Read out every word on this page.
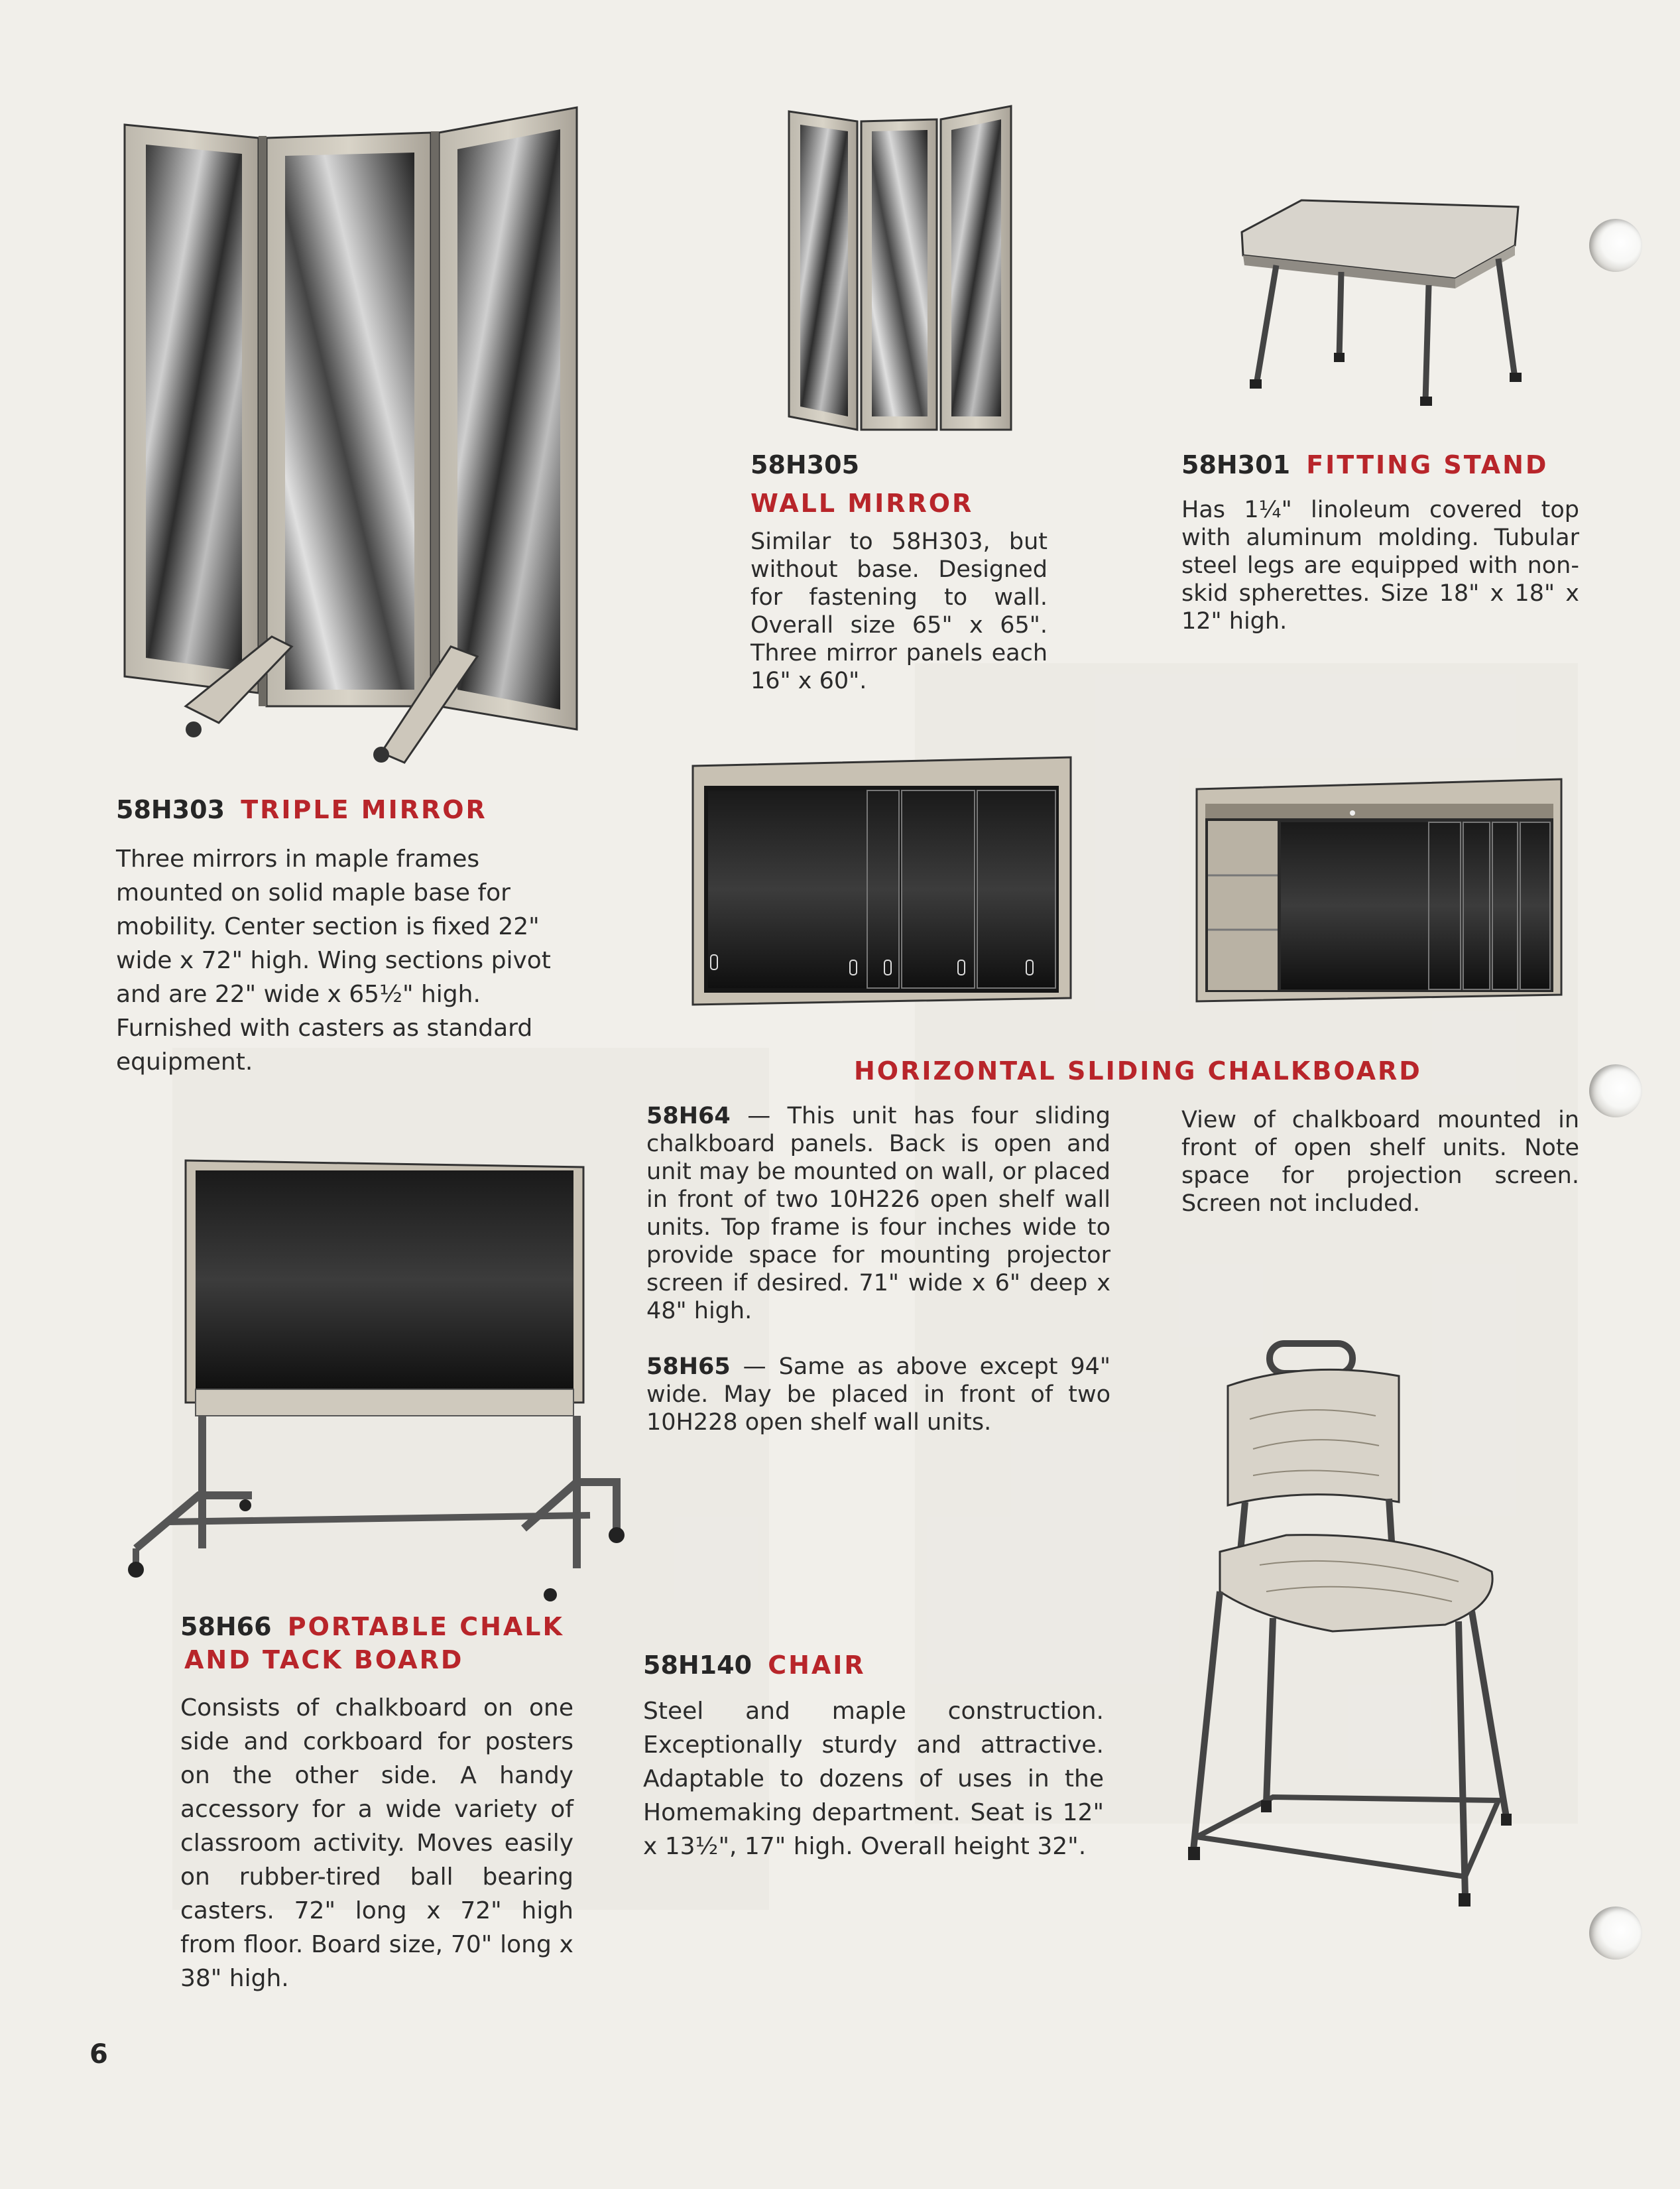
58H305
WALL MIRROR

Similar to 58H303, but without base. Designed for fastening to wall. Overall size 65" x 65". Three mirror panels each 16" x 60".

58H301 FITTING STAND

Has 1¼" linoleum covered top with aluminum molding. Tubular steel legs are equipped with non-skid spherettes. Size 18" x 18" x 12" high.

58H303 TRIPLE MIRROR

Three mirrors in maple frames mounted on solid maple base for mobility. Center section is fixed 22" wide x 72" high. Wing sections pivot and are 22" wide x 65½" high. Furnished with casters as standard equipment.	HORIZONTAL SLIDING CHALKBOARD

58H64 — This unit has four sliding chalkboard panels. Back is open and unit may be mounted on wall, or placed in front of two 10H226 open shelf wall units. Top frame is four inches wide to provide space for mounting projector screen if desired. 71" wide x 6" deep x 48" high.

58H65 — Same as above except 94" wide. May be placed in front of two 10H228 open shelf wall units.

View of chalkboard mounted in front of open shelf units. Note space for projection screen. Screen not included.

58H66 PORTABLE CHALK
AND TACK BOARD

Consists of chalkboard on one side and corkboard for posters on the other side. A handy accessory for a wide variety of classroom activity. Moves easily on rubber-tired ball bearing casters. 72" long x 72" high from floor. Board size, 70" long x 38" high.

58H140 CHAIR

Steel and maple construction. Exceptionally sturdy and attractive. Adaptable to dozens of uses in the Homemaking department. Seat is 12" x 13½", 17" high. Overall height 32".

6
